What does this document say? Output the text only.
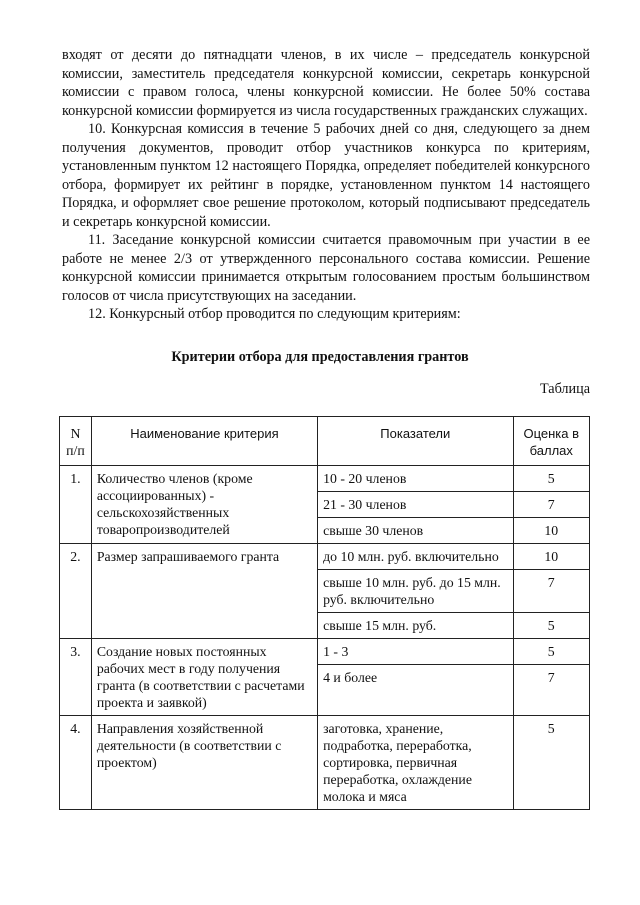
входят от десяти до пятнадцати членов, в их числе – председатель конкурсной комиссии, заместитель председателя конкурсной комиссии, секретарь конкурсной комиссии с правом голоса, члены конкурсной комиссии. Не более 50% состава конкурсной комиссии формируется из числа государственных гражданских служащих.

10. Конкурсная комиссия в течение 5 рабочих дней со дня, следующего за днем получения документов, проводит отбор участников конкурса по критериям, установленным пунктом 12 настоящего Порядка, определяет победителей конкурсного отбора, формирует их рейтинг в порядке, установленном пунктом 14 настоящего Порядка, и оформляет свое решение протоколом, который подписывают председатель и секретарь конкурсной комиссии.

11. Заседание конкурсной комиссии считается правомочным при участии в ее работе не менее 2/3 от утвержденного персонального состава комиссии. Решение конкурсной комиссии принимается открытым голосованием простым большинством голосов от числа присутствующих на заседании.

12. Конкурсный отбор проводится по следующим критериям:

Критерии отбора для предоставления грантов
Таблица
N п/п	Наименование критерия	Показатели	Оценка в баллах
1.	Количество членов (кроме ассоциированных) - сельскохозяйственных товаропроизводителей	10 - 20 членов	5
		21 - 30 членов	7
		свыше 30 членов	10
2.	Размер запрашиваемого гранта	до 10 млн. руб. включительно	10
		свыше 10 млн. руб. до 15 млн. руб. включительно	7
		свыше 15 млн. руб.	5
3.	Создание новых постоянных рабочих мест в году получения гранта (в соответствии с расчетами проекта и заявкой)	1 - 3	5
		4 и более	7
4.	Направления хозяйственной деятельности (в соответствии с проектом)	заготовка, хранение, подработка, переработка, сортировка, первичная переработка, охлаждение молока и мяса	5
